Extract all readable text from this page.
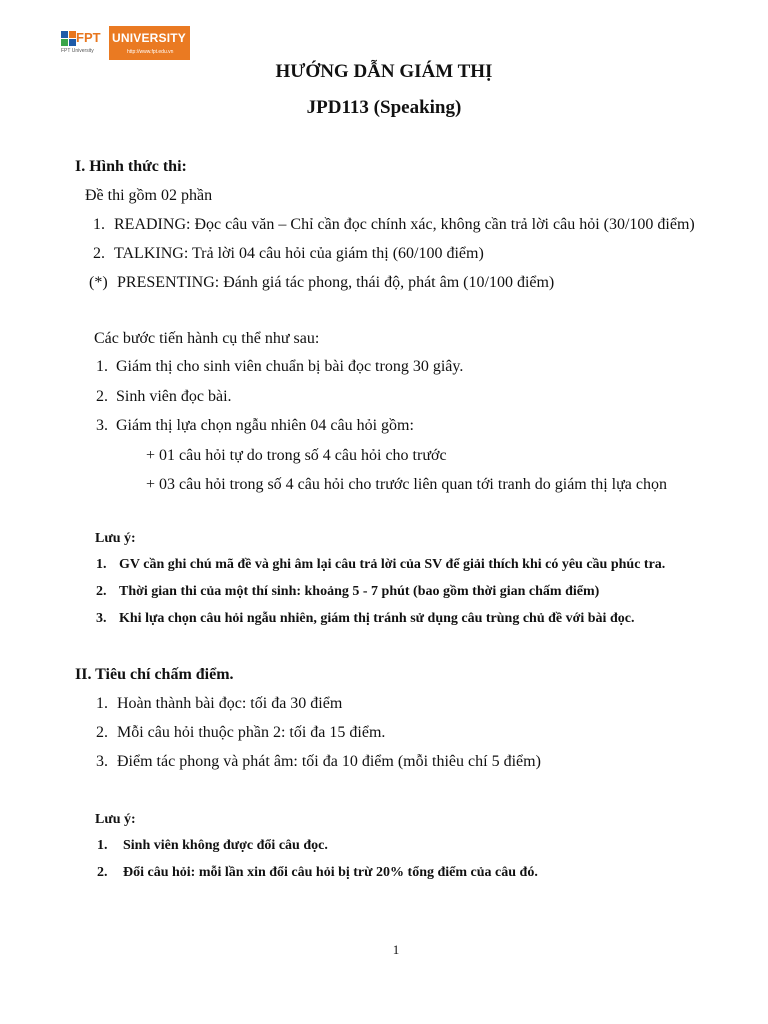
FPT
FPT University
UNIVERSITY
http://www.fpt.edu.vn
HƯỚNG DẪN GIÁM THỊ
JPD113 (Speaking)
I. Hình thức thi:
Đề thi gồm 02 phần
1. READING: Đọc câu văn – Chỉ cần đọc chính xác, không cần trả lời câu hỏi (30/100 điểm)
2. TALKING: Trả lời 04 câu hỏi của giám thị (60/100 điểm)
(*) PRESENTING: Đánh giá tác phong, thái độ, phát âm (10/100 điểm)
Các bước tiến hành cụ thể như sau:
1. Giám thị cho sinh viên chuẩn bị bài đọc trong 30 giây.
2. Sinh viên đọc bài.
3. Giám thị lựa chọn ngẫu nhiên 04 câu hỏi gồm:
+ 01 câu hỏi tự do trong số 4 câu hỏi cho trước
+ 03 câu hỏi trong số 4 câu hỏi cho trước liên quan tới tranh do giám thị lựa chọn
Lưu ý:
1. GV cần ghi chú mã đề và ghi âm lại câu trả lời của SV để giải thích khi có yêu cầu phúc tra.
2. Thời gian thi của một thí sinh: khoảng 5 - 7 phút (bao gồm thời gian chấm điểm)
3. Khi lựa chọn câu hỏi ngẫu nhiên, giám thị tránh sử dụng câu trùng chủ đề với bài đọc.
II. Tiêu chí chấm điểm.
1. Hoàn thành bài đọc: tối đa 30 điểm
2. Mỗi câu hỏi thuộc phần 2: tối đa 15 điểm.
3. Điểm tác phong và phát âm: tối đa 10 điểm (mỗi thiêu chí 5 điểm)
Lưu ý:
1. Sinh viên không được đổi câu đọc.
2. Đổi câu hỏi: mỗi lần xin đổi câu hỏi bị trừ 20% tổng điểm của câu đó.
1
